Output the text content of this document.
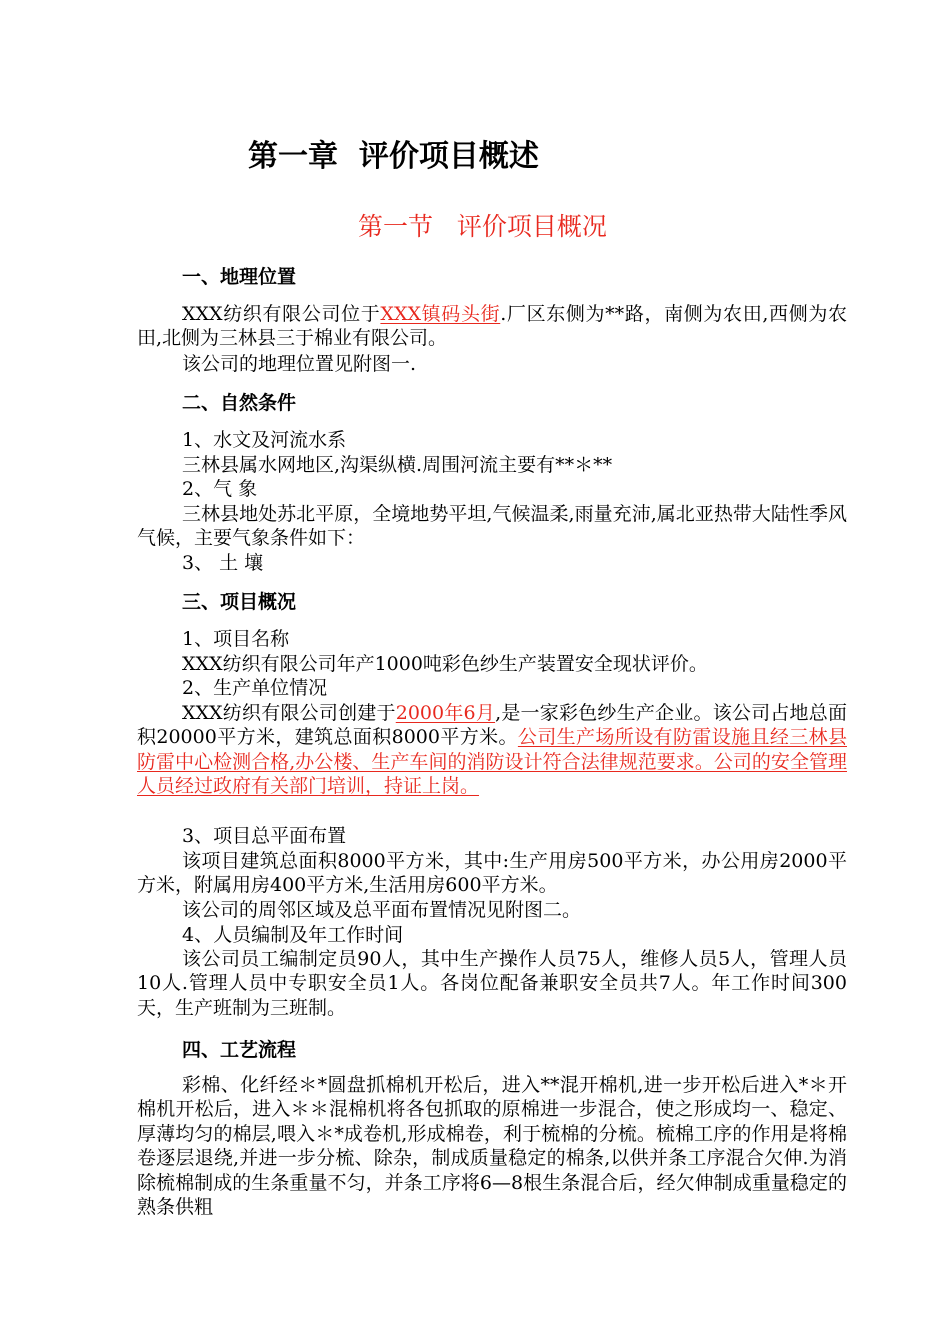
第一章  评价项目概述
第一节   评价项目概况
一、地理位置

XXX纺织有限公司位于XXX镇码头街.厂区东侧为**路，南侧为农田,西侧为农田,北侧为三林县三于棉业有限公司。

该公司的地理位置见附图一.

二、自然条件

1、水文及河流水系

三林县属水网地区,沟渠纵横.周围河流主要有**＊**

2、气 象

三林县地处苏北平原，全境地势平坦,气候温柔,雨量充沛,属北亚热带大陆性季风气候，主要气象条件如下：

3、 土 壤

三、项目概况

1、项目名称

XXX纺织有限公司年产1000吨彩色纱生产装置安全现状评价。

2、生产单位情况

XXX纺织有限公司创建于2000年6月,是一家彩色纱生产企业。该公司占地总面积20000平方米，建筑总面积8000平方米。公司生产场所设有防雷设施且经三林县防雷中心检测合格,办公楼、生产车间的消防设计符合法律规范要求。公司的安全管理人员经过政府有关部门培训，持证上岗。

3、项目总平面布置

该项目建筑总面积8000平方米，其中:生产用房500平方米，办公用房2000平方米，附属用房400平方米,生活用房600平方米。

该公司的周邻区域及总平面布置情况见附图二。

4、人员编制及年工作时间

该公司员工编制定员90人，其中生产操作人员75人，维修人员5人，管理人员10人.管理人员中专职安全员1人。各岗位配备兼职安全员共7人。年工作时间300天，生产班制为三班制。

四、工艺流程

彩棉、化纤经＊*圆盘抓棉机开松后，进入**混开棉机,进一步开松后进入*＊开棉机开松后，进入＊＊混棉机将各包抓取的原棉进一步混合，使之形成均一、稳定、厚薄均匀的棉层,喂入＊*成卷机,形成棉卷，利于梳棉的分梳。梳棉工序的作用是将棉卷逐层退绕,并进一步分梳、除杂，制成质量稳定的棉条,以供并条工序混合欠伸.为消除梳棉制成的生条重量不匀，并条工序将6—8根生条混合后，经欠伸制成重量稳定的熟条供粗
